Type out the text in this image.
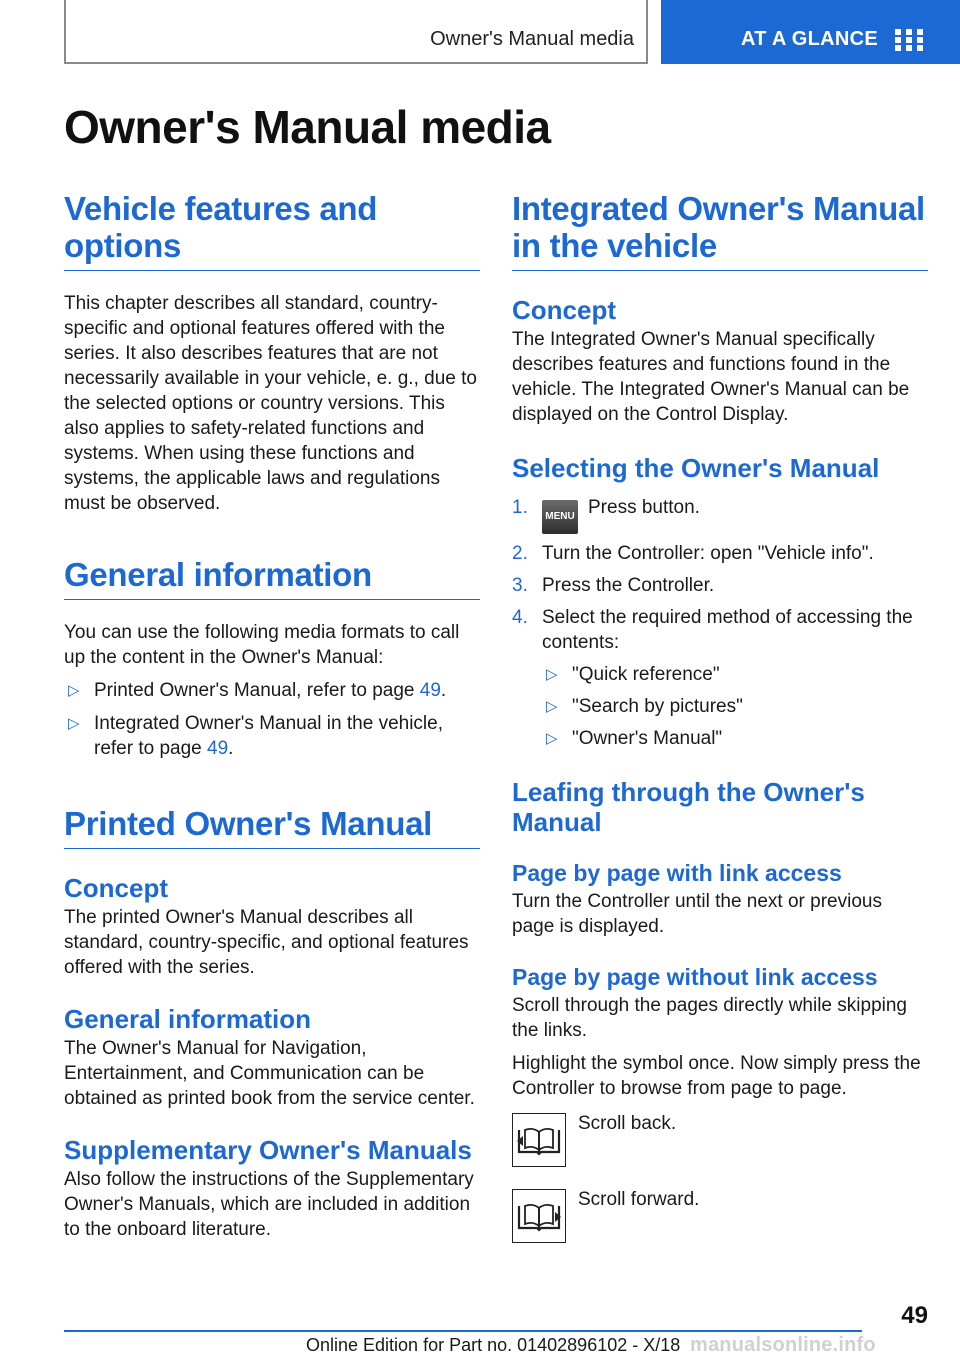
Owner's Manual media	AT A GLANCE
Owner's Manual media
Vehicle features and options

This chapter describes all standard, country-specific and optional features offered with the series. It also describes features that are not necessarily available in your vehicle, e. g., due to the selected options or country versions. This also applies to safety-related functions and systems. When using these functions and systems, the applicable laws and regulations must be observed.

General information

You can use the following media formats to call up the content in the Owner's Manual:

▷ Printed Owner's Manual, refer to page 49.
▷ Integrated Owner's Manual in the vehicle, refer to page 49.
Printed Owner's Manual
Concept

The printed Owner's Manual describes all standard, country-specific, and optional features offered with the series.

General information

The Owner's Manual for Navigation, Entertainment, and Communication can be obtained as printed book from the service center.

Supplementary Owner's Manuals

Also follow the instructions of the Supplementary Owner's Manuals, which are included in addition to the onboard literature.

Integrated Owner's Manual in the vehicle
Concept

The Integrated Owner's Manual specifically describes features and functions found in the vehicle. The Integrated Owner's Manual can be displayed on the Control Display.

Selecting the Owner's Manual
1. MENU Press button.
2. Turn the Controller: open "Vehicle info".
3. Press the Controller.
4. Select the required method of accessing the contents:
▷ "Quick reference"
▷ "Search by pictures"
▷ "Owner's Manual"
Leafing through the Owner's Manual
Page by page with link access

Turn the Controller until the next or previous page is displayed.

Page by page without link access

Scroll through the pages directly while skipping the links.

Highlight the symbol once. Now simply press the Controller to browse from page to page.

Scroll back.
Scroll forward.
49
Online Edition for Part no. 01402896102 - X/18 manualsonline.info
